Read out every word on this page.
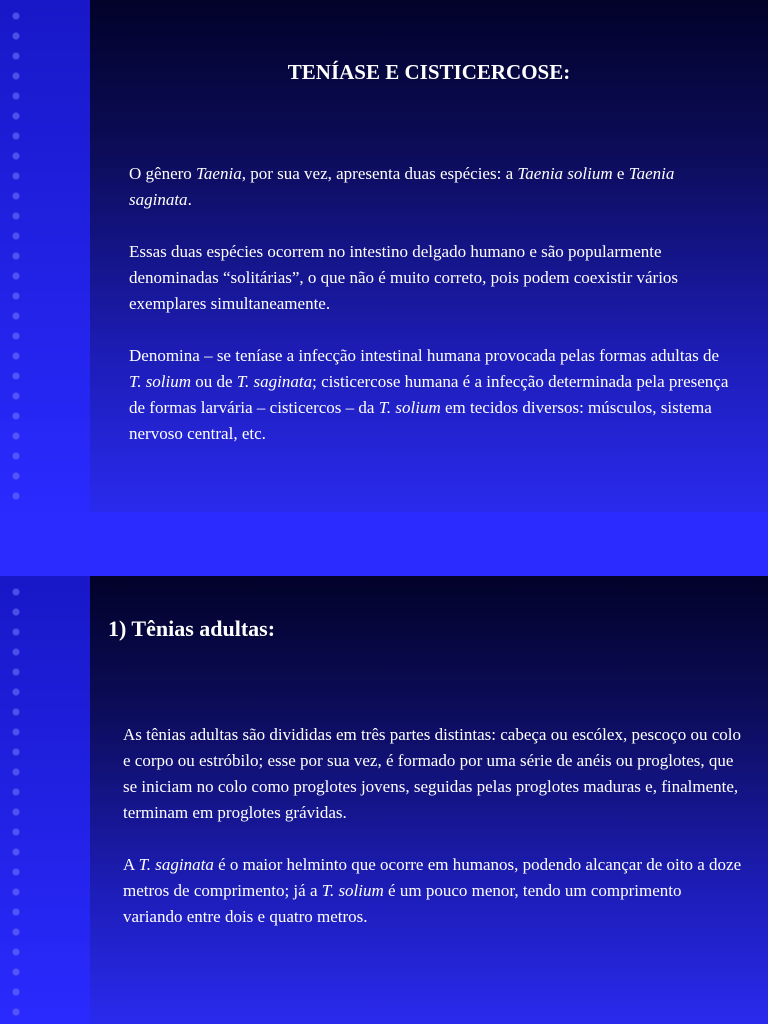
TENÍASE E CISTICERCOSE:

O gênero Taenia, por sua vez, apresenta duas espécies: a Taenia solium e Taenia saginata.

Essas duas espécies ocorrem no intestino delgado humano e são popularmente denominadas “solitárias”, o que não é muito correto, pois podem coexistir vários exemplares simultaneamente.

Denomina – se teníase a infecção intestinal humana provocada pelas formas adultas de T. solium ou de T. saginata; cisticercose humana é a infecção determinada pela presença de formas larvária – cisticercos – da T. solium em tecidos diversos: músculos, sistema nervoso central, etc.

1) Tênias adultas:

As tênias adultas são divididas em três partes distintas: cabeça ou escólex, pescoço ou colo e corpo ou estróbilo; esse por sua vez, é formado por uma série de anéis ou proglotes, que se iniciam no colo como proglotes jovens, seguidas pelas proglotes maduras e, finalmente, terminam em proglotes grávidas.

A T. saginata é o maior helminto que ocorre em humanos, podendo alcançar de oito a doze metros de comprimento; já a T. solium é um pouco menor, tendo um comprimento variando entre dois e quatro metros.
